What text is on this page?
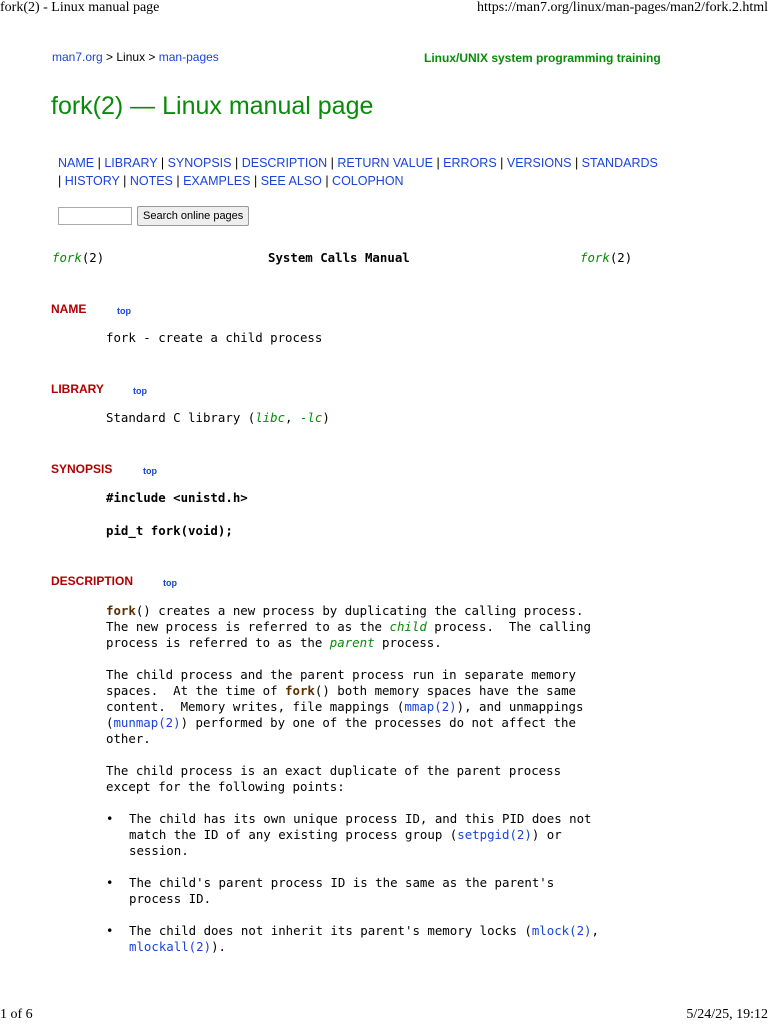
fork(2) - Linux manual page	https://man7.org/linux/man-pages/man2/fork.2.html
1 of 6	5/24/25, 19:12
man7.org > Linux > man-pages	Linux/UNIX system programming training
fork(2) — Linux manual page
NAME | LIBRARY | SYNOPSIS | DESCRIPTION | RETURN VALUE | ERRORS | VERSIONS | STANDARDS | HISTORY | NOTES | EXAMPLES | SEE ALSO | COLOPHON
Search online pages
fork(2)	System Calls Manual	fork(2)
NAME	top
fork - create a child process
LIBRARY	top
Standard C library (libc, -lc)
SYNOPSIS	top
#include <unistd.h>
pid_t fork(void);
DESCRIPTION	top
fork() creates a new process by duplicating the calling process.
The new process is referred to as the child process.  The calling
process is referred to as the parent process.
The child process and the parent process run in separate memory
spaces.  At the time of fork() both memory spaces have the same
content.  Memory writes, file mappings (mmap(2)), and unmappings
(munmap(2)) performed by one of the processes do not affect the
other.
The child process is an exact duplicate of the parent process
except for the following points:
• The child has its own unique process ID, and this PID does not
match the ID of any existing process group (setpgid(2)) or
session.
• The child's parent process ID is the same as the parent's
process ID.
• The child does not inherit its parent's memory locks (mlock(2),
mlockall(2)).
